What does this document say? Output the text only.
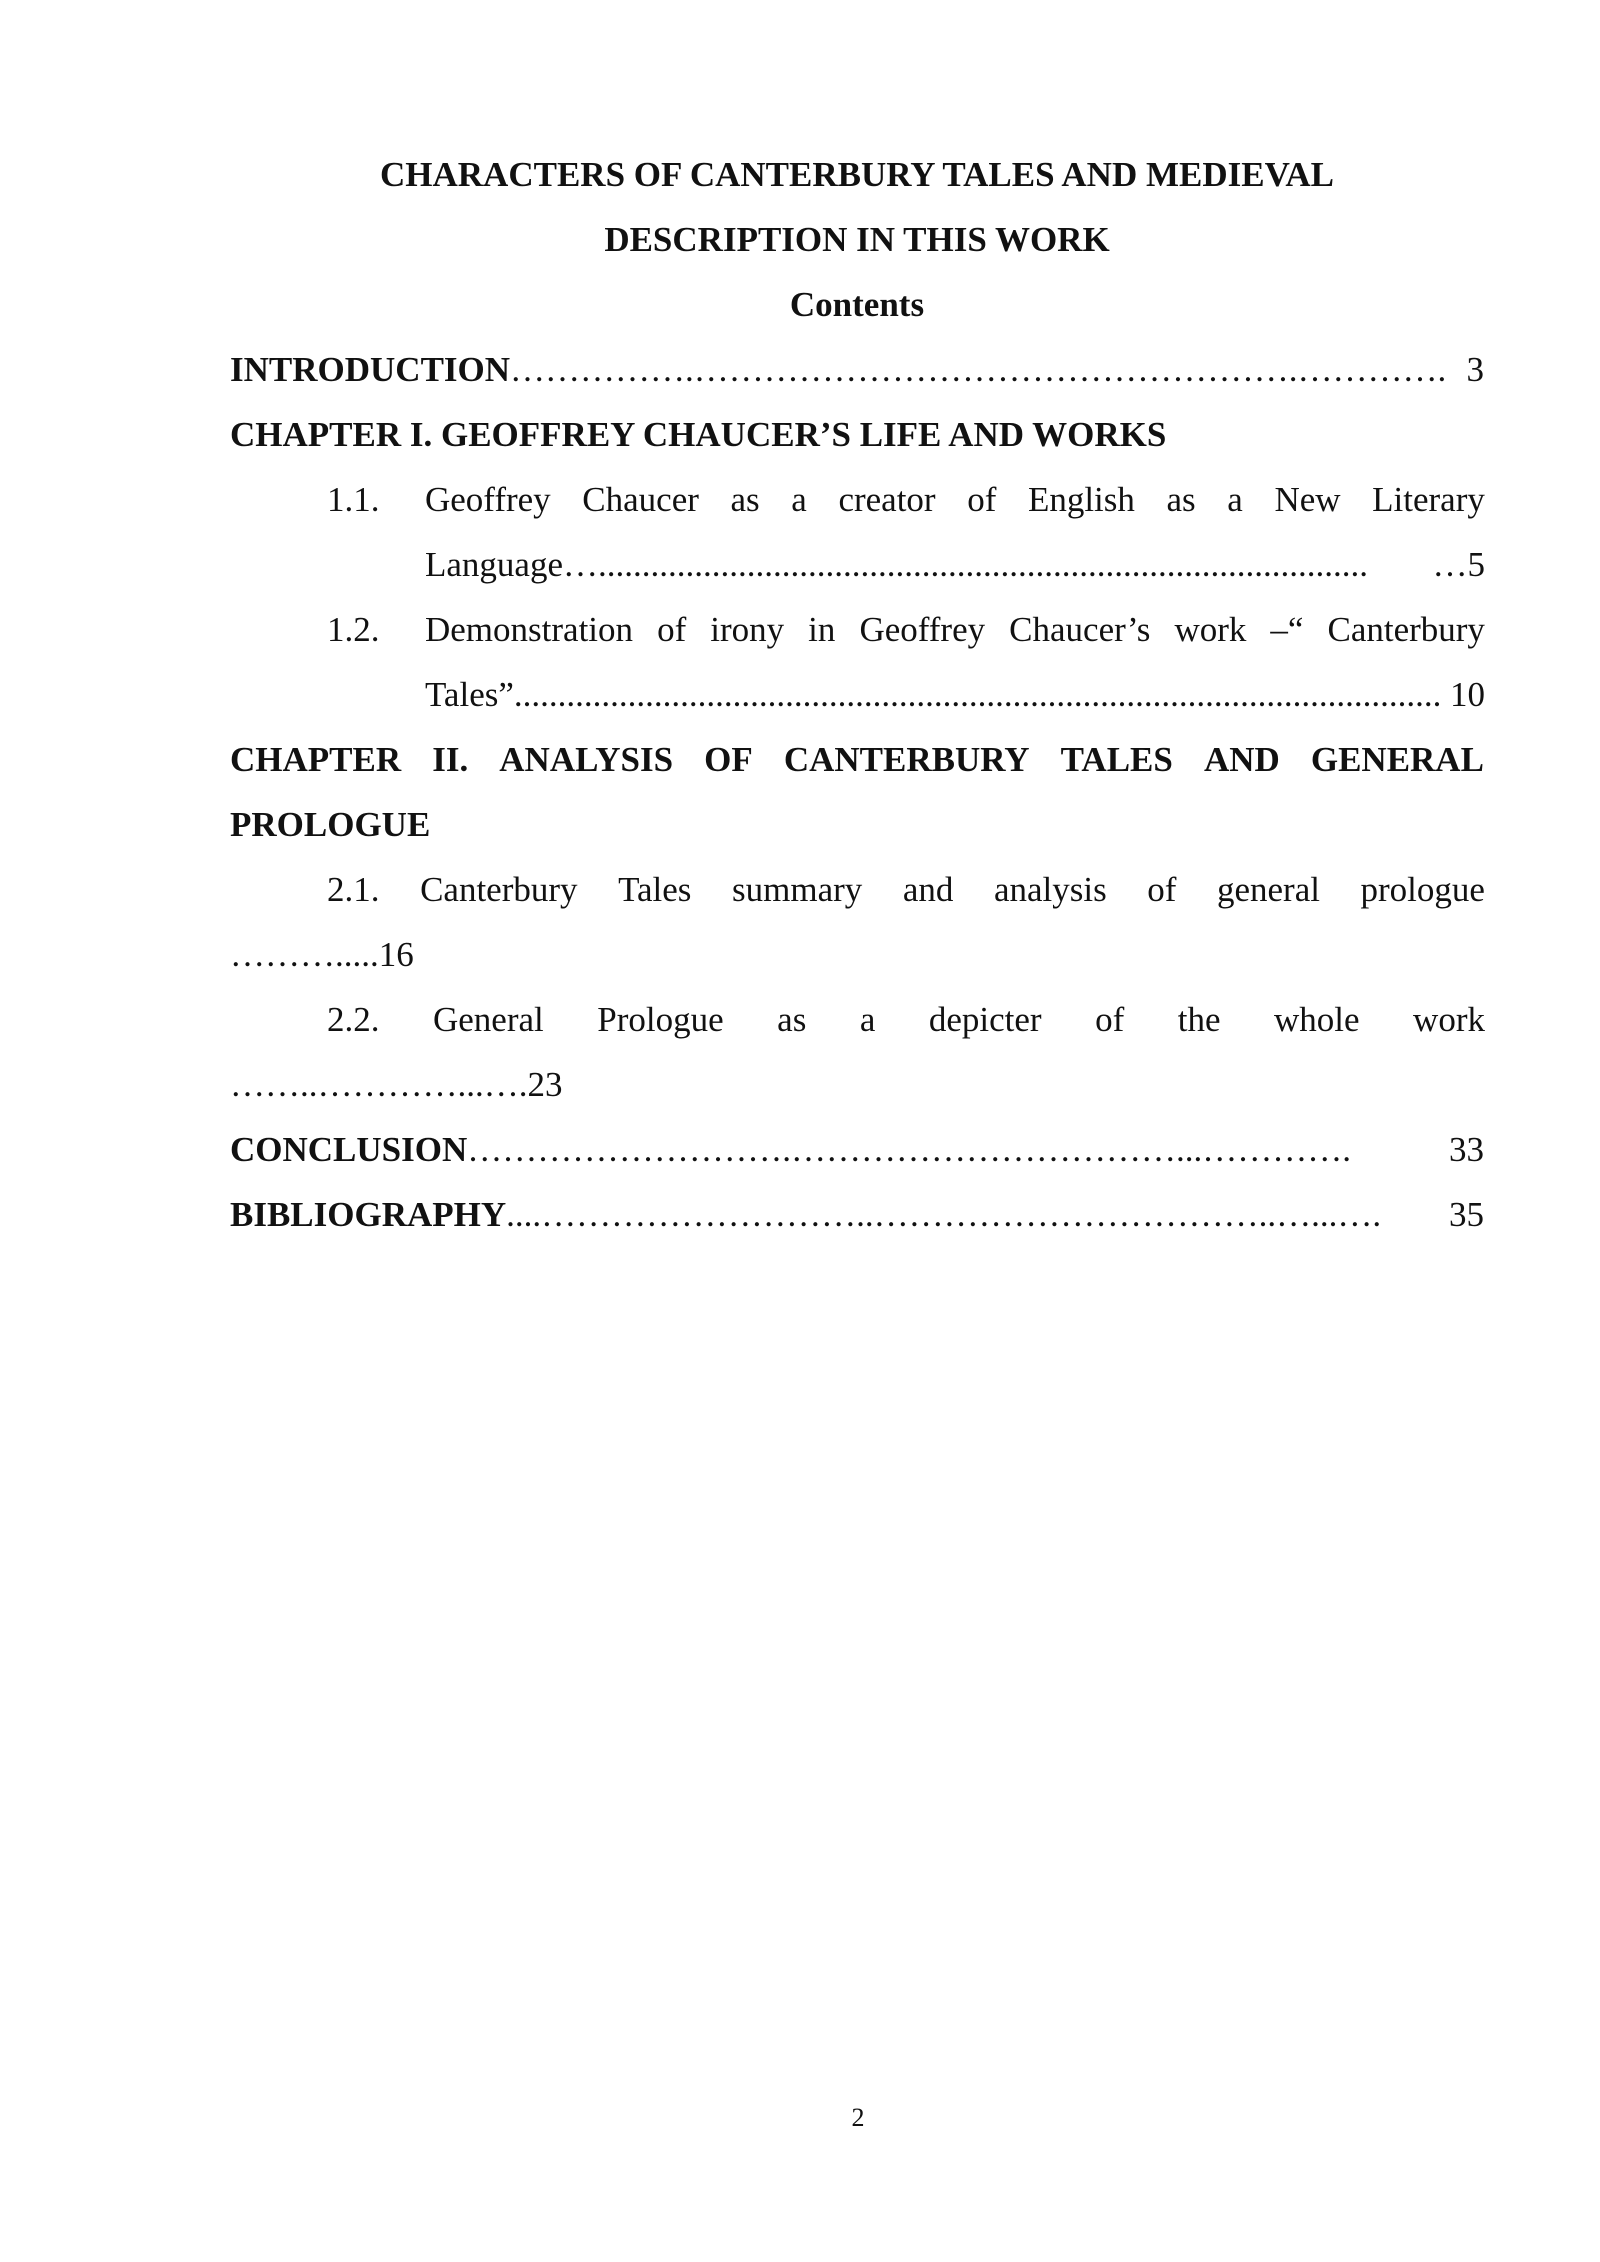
CHARACTERS OF CANTERBURY TALES AND MEDIEVAL
DESCRIPTION IN THIS WORK
Contents
INTRODUCTION …………….…………………………………………….…………. 3
CHAPTER I. GEOFFREY CHAUCER’S LIFE AND WORKS
1.1. Geoffrey Chaucer as a creator of English as a New Literary
Language… ........................................................................................	…5
1.2. Demonstration of irony in Geoffrey Chaucer’s work –“ Canterbury
Tales” .......................................................................................................... 10
CHAPTER II. ANALYSIS OF CANTERBURY TALES AND GENERAL
PROLOGUE
2.1. Canterbury Tales summary and analysis of general prologue
……….....16
2.2. General Prologue as a depicter of the whole work
……..…………...….23
CONCLUSION ……………………….……………………………...………….	33
BIBLIOGRAPHY ....………………………..……………………………..…...….	35
2
